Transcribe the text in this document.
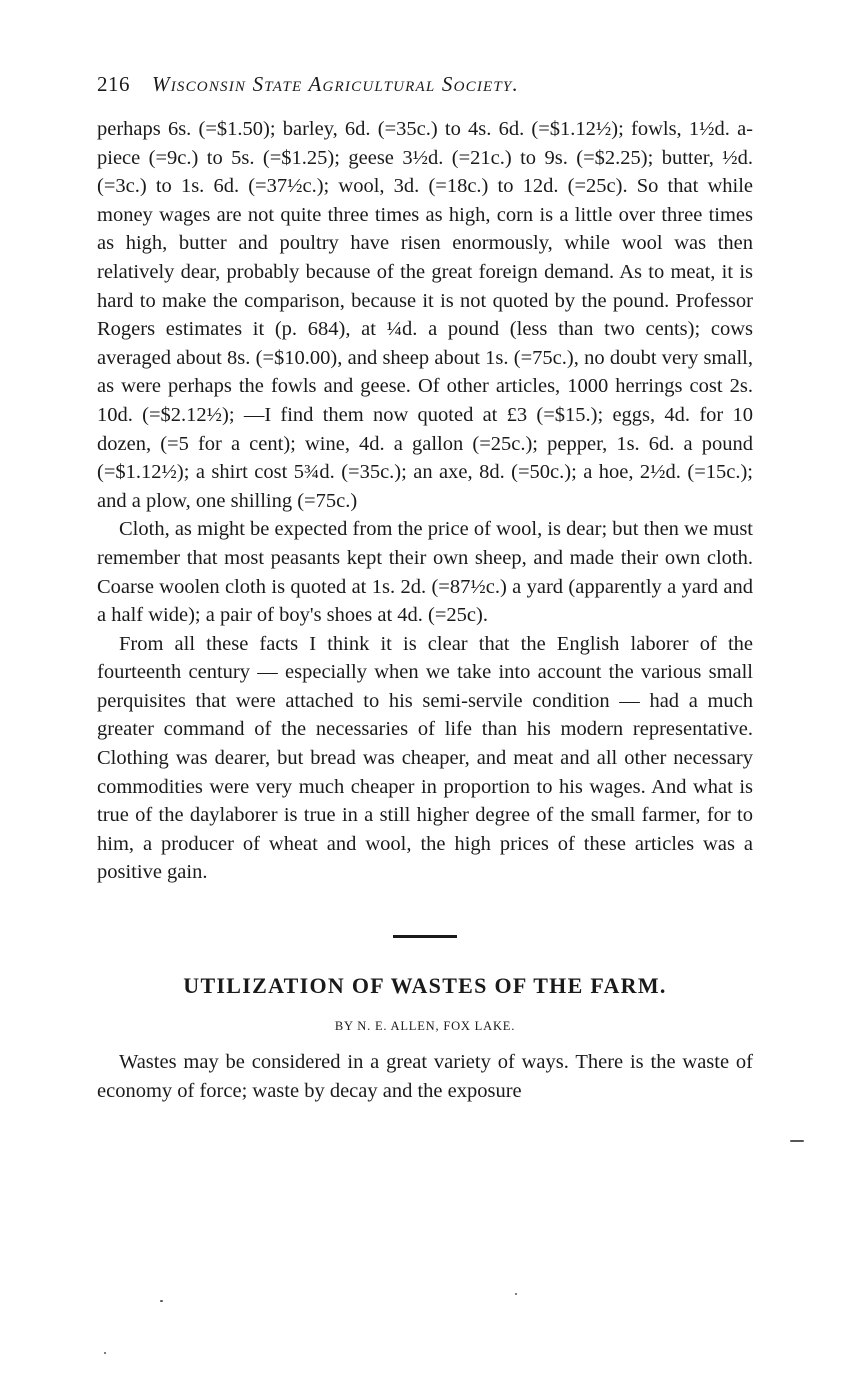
216 Wisconsin State Agricultural Society.

perhaps 6s. (=$1.50); barley, 6d. (=35c.) to 4s. 6d. (=$1.12½); fowls, 1½d. a-piece (=9c.) to 5s. (=$1.25); geese 3½d. (=21c.) to 9s. (=$2.25); butter, ½d. (=3c.) to 1s. 6d. (=37½c.); wool, 3d. (=18c.) to 12d. (=25c). So that while money wages are not quite three times as high, corn is a little over three times as high, butter and poultry have risen enormously, while wool was then relatively dear, probably because of the great foreign demand. As to meat, it is hard to make the comparison, because it is not quoted by the pound. Professor Rogers estimates it (p. 684), at ¼d. a pound (less than two cents); cows averaged about 8s. (=$10.00), and sheep about 1s. (=75c.), no doubt very small, as were perhaps the fowls and geese. Of other articles, 1000 herrings cost 2s. 10d. (=$2.12½); —I find them now quoted at £3 (=$15.); eggs, 4d. for 10 dozen, (=5 for a cent); wine, 4d. a gallon (=25c.); pepper, 1s. 6d. a pound (=$1.12½); a shirt cost 5¾d. (=35c.); an axe, 8d. (=50c.); a hoe, 2½d. (=15c.); and a plow, one shilling (=75c.)

Cloth, as might be expected from the price of wool, is dear; but then we must remember that most peasants kept their own sheep, and made their own cloth. Coarse woolen cloth is quoted at 1s. 2d. (=87½c.) a yard (apparently a yard and a half wide); a pair of boy's shoes at 4d. (=25c).

From all these facts I think it is clear that the English laborer of the fourteenth century — especially when we take into account the various small perquisites that were attached to his semi-servile condition — had a much greater command of the necessaries of life than his modern representative. Clothing was dearer, but bread was cheaper, and meat and all other necessary commodities were very much cheaper in proportion to his wages. And what is true of the daylaborer is true in a still higher degree of the small farmer, for to him, a producer of wheat and wool, the high prices of these articles was a positive gain.

UTILIZATION OF WASTES OF THE FARM.
BY N. E. ALLEN, FOX LAKE.

Wastes may be considered in a great variety of ways. There is the waste of economy of force; waste by decay and the exposure
